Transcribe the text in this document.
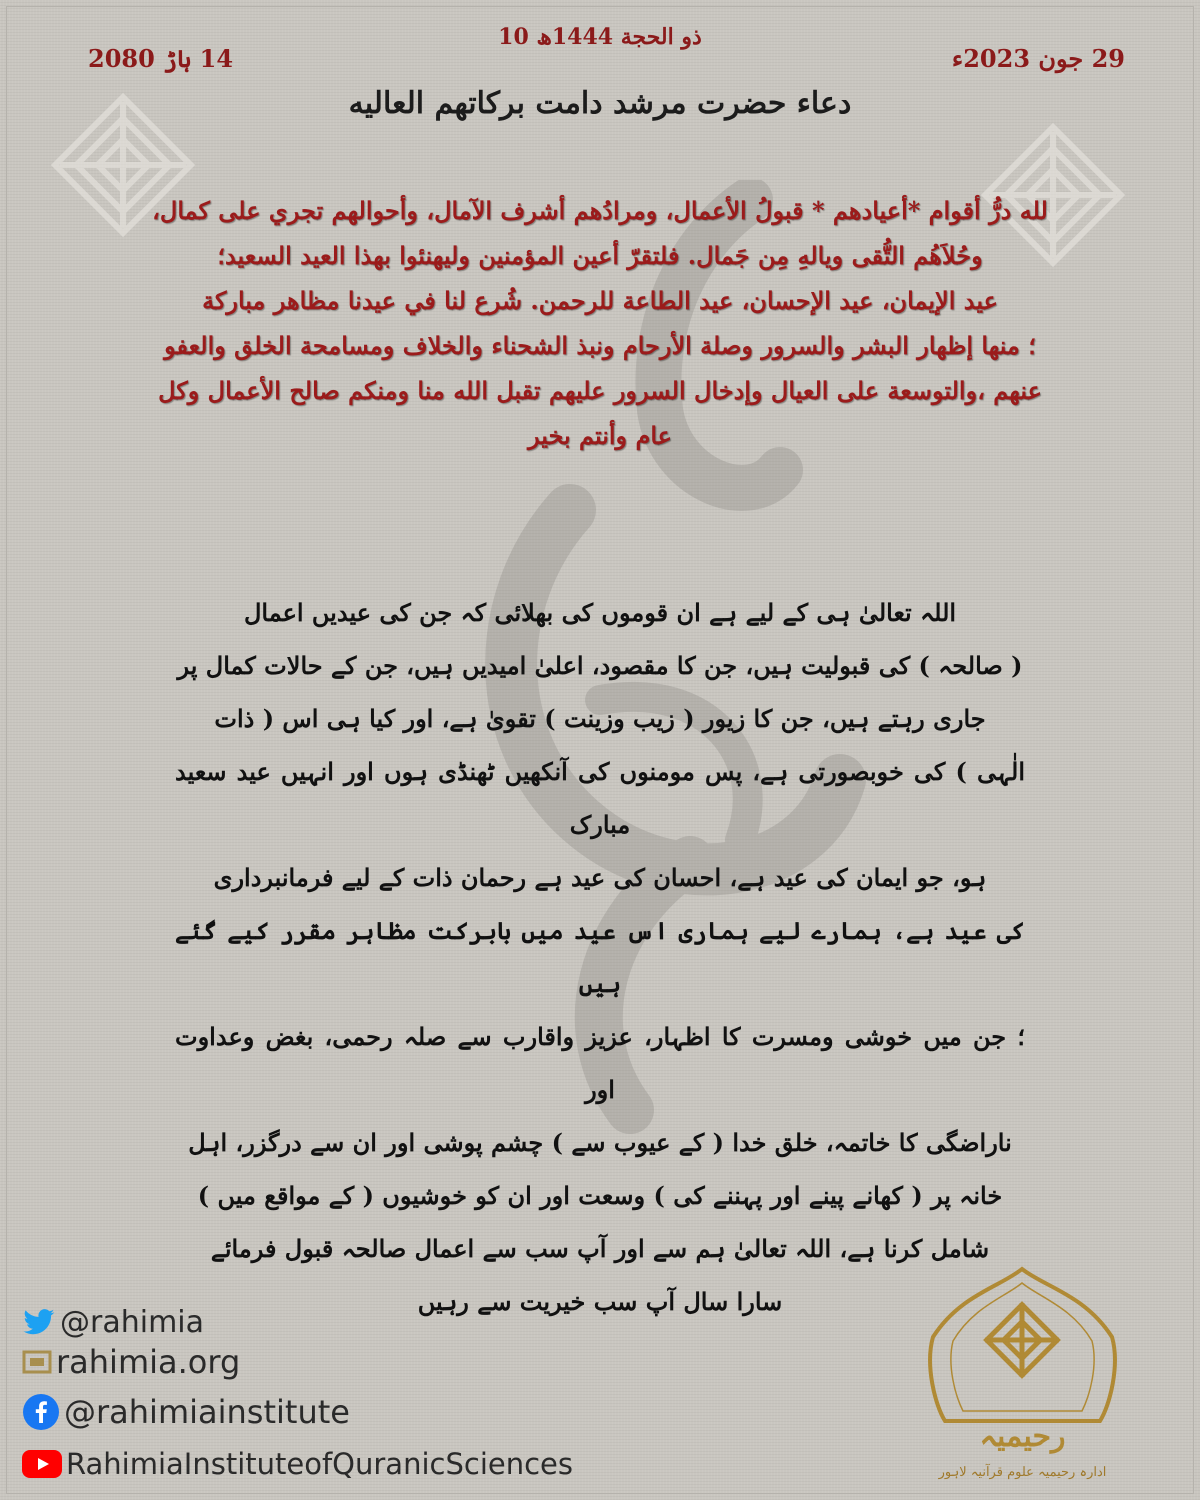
10 ذو الحجة 1444ھ
29 جون 2023ء
14 ہاڑ 2080
دعاء حضرت مرشد دامت برکاتهم العاليه
لله درُّ أقوام *أعيادهم * قبولُ الأعمال، ومرادُهم أشرف الآمال، وأحوالهم تجري على كمال،
وحُلاَهُم التُّقى ويالهِ مِن جَمال. فلتقرّ أعين المؤمنين وليهنئوا بهذا العيد السعيد؛
عيد الإيمان، عيد الإحسان، عيد الطاعة للرحمن. شُرع لنا في عيدنا مظاهر مباركة
؛ منها إظهار البشر والسرور وصلة الأرحام ونبذ الشحناء والخلاف ومسامحة الخلق والعفو
عنهم ،والتوسعة على العيال وإدخال السرور عليهم تقبل الله منا ومنكم صالح الأعمال وكل
عام وأنتم بخير
اللہ تعالیٰ ہی کے لیے ہے ان قوموں کی بھلائی کہ جن کی عیدیں اعمال
( صالحہ ) کی قبولیت ہیں، جن کا مقصود، اعلیٰ امیدیں ہیں، جن کے حالات کمال پر
جاری رہتے ہیں، جن کا زیور ( زیب وزینت ) تقویٰ ہے، اور کیا ہی اس ( ذات
الٰہی ) کی خوبصورتی ہے، پس مومنوں کی آنکھیں ٹھنڈی ہوں اور انہیں عید سعید مبارک
ہو، جو ایمان کی عید ہے، احسان کی عید ہے رحمان ذات کے لیے فرمانبرداری
کی عید ہے، ہمارے لیے ہماری اس عید میں بابرکت مظاہر مقرر کیے گئے ہیں
؛ جن میں خوشی ومسرت کا اظہار، عزیز واقارب سے صلہ رحمی، بغض وعداوت اور
ناراضگی کا خاتمہ، خلق خدا ( کے عیوب سے ) چشم پوشی اور ان سے درگزر، اہل
خانہ پر ( کھانے پینے اور پہننے کی ) وسعت اور ان کو خوشیوں ( کے مواقع میں )
شامل کرنا ہے، اللہ تعالیٰ ہم سے اور آپ سب سے اعمال صالحہ قبول فرمائے
سارا سال آپ سب خیریت سے رہیں
@rahimia
rahimia.org
@rahimiainstitute
RahimiaInstituteofQuranicSciences
رحیمیہ
ادارہ رحیمیہ علوم قرآنیہ لاہور
